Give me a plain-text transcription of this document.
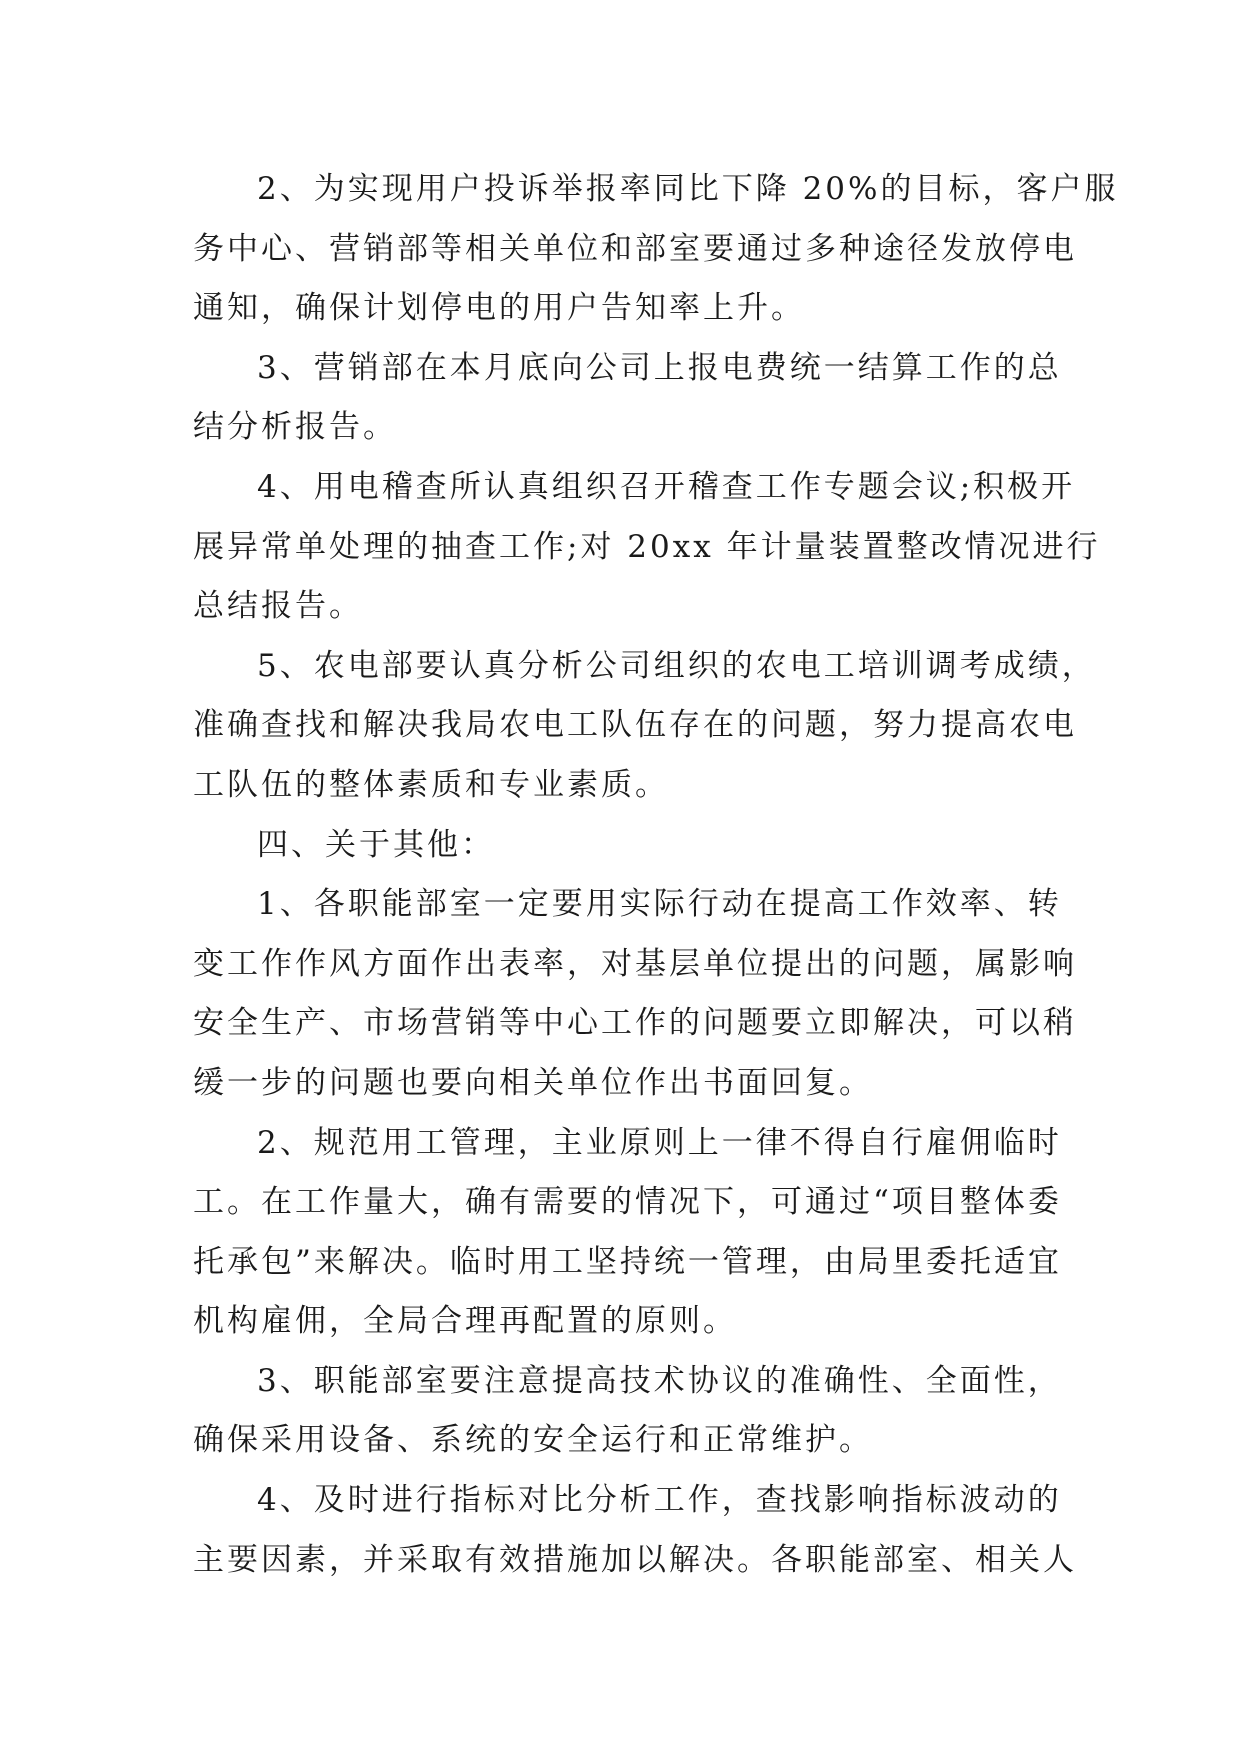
2、为实现用户投诉举报率同比下降 20%的目标，客户服
务中心、营销部等相关单位和部室要通过多种途径发放停电
通知，确保计划停电的用户告知率上升。

3、营销部在本月底向公司上报电费统一结算工作的总
结分析报告。

4、用电稽查所认真组织召开稽查工作专题会议;积极开
展异常单处理的抽查工作;对 20xx 年计量装置整改情况进行
总结报告。

5、农电部要认真分析公司组织的农电工培训调考成绩，
准确查找和解决我局农电工队伍存在的问题，努力提高农电
工队伍的整体素质和专业素质。

四、关于其他：

1、各职能部室一定要用实际行动在提高工作效率、转
变工作作风方面作出表率，对基层单位提出的问题，属影响
安全生产、市场营销等中心工作的问题要立即解决，可以稍
缓一步的问题也要向相关单位作出书面回复。

2、规范用工管理，主业原则上一律不得自行雇佣临时
工。在工作量大，确有需要的情况下，可通过“项目整体委
托承包”来解决。临时用工坚持统一管理，由局里委托适宜
机构雇佣，全局合理再配置的原则。

3、职能部室要注意提高技术协议的准确性、全面性，
确保采用设备、系统的安全运行和正常维护。

4、及时进行指标对比分析工作，查找影响指标波动的
主要因素，并采取有效措施加以解决。各职能部室、相关人
